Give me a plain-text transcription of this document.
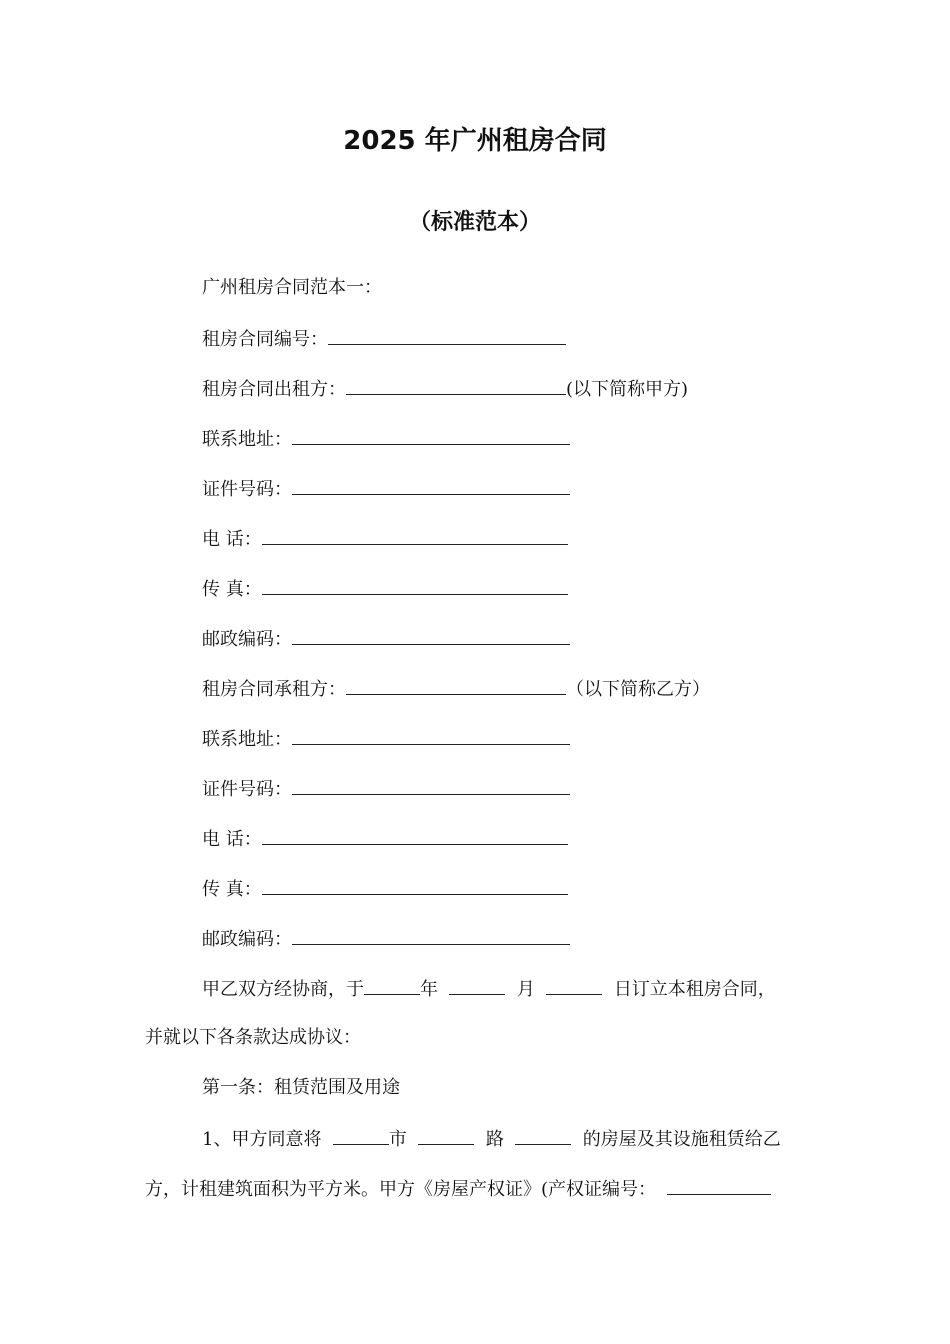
2025 年广州租房合同
（标准范本）
广州租房合同范本一：
租房合同编号：
租房合同出租方：	(以下简称甲方)
联系地址：
证件号码：
电 话：
传 真：
邮政编码：
租房合同承租方：	（以下简称乙方）
联系地址：
证件号码：
电 话：
传 真：
邮政编码：
甲乙双方经协商，于	年	月	日订立本租房合同，
并就以下各条款达成协议：
第一条：租赁范围及用途
1、甲方同意将	市	路	的房屋及其设施租赁给乙
方，计租建筑面积为平方米。甲方《房屋产权证》(产权证编号：
